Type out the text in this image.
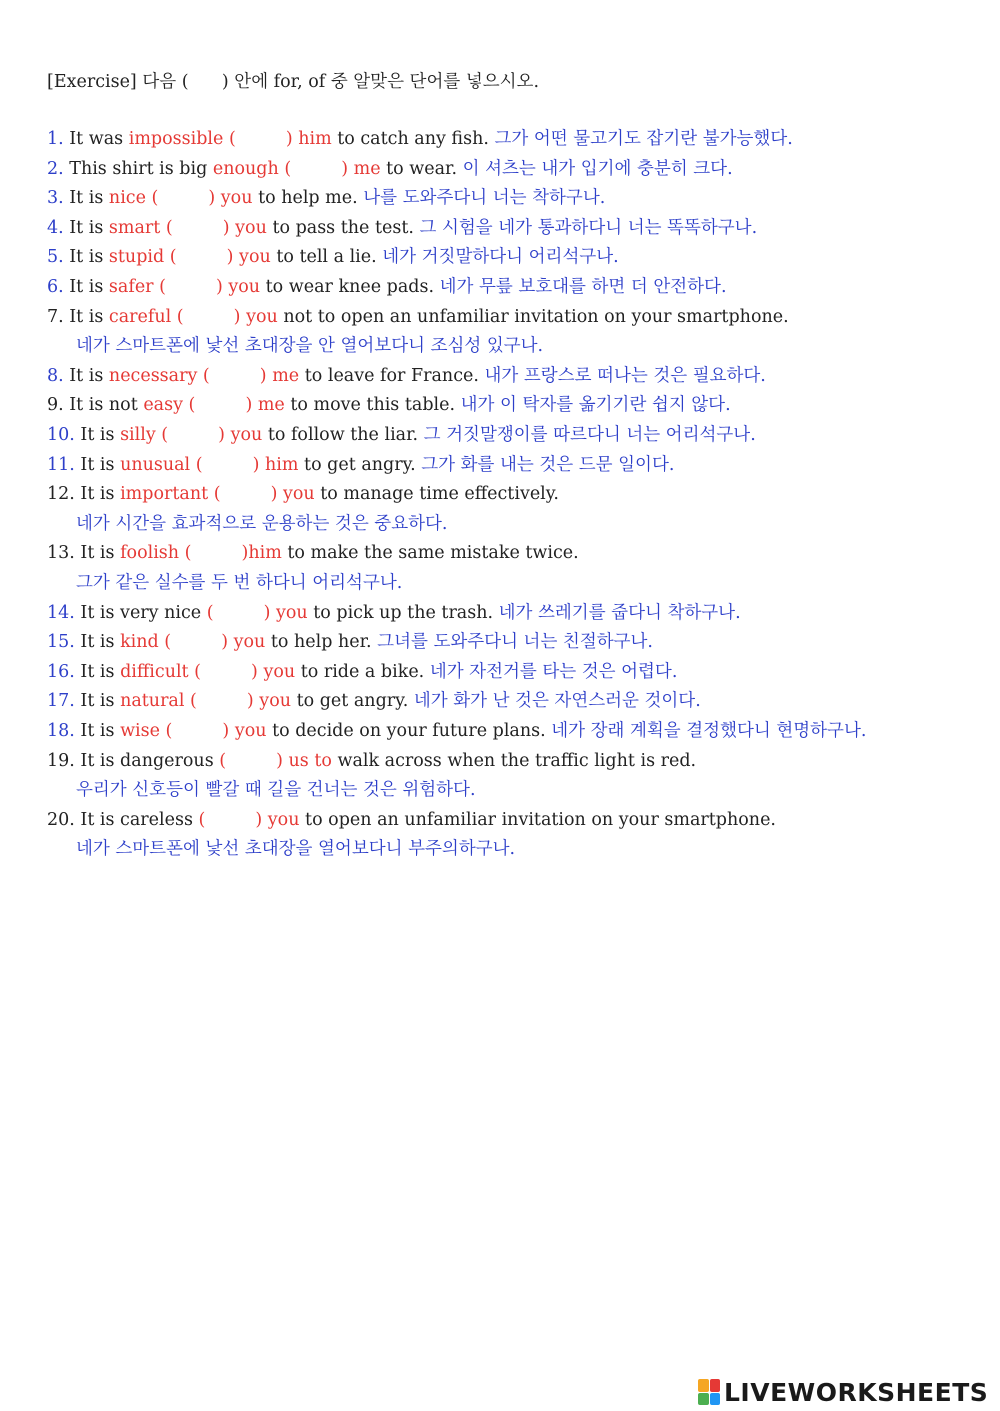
[Exercise] 다음 (      ) 안에 for, of 중 알맞은 단어를 넣으시오.
1. It was impossible (         ) him to catch any fish. 그가 어떤 물고기도 잡기란 불가능했다.
2. This shirt is big enough (         ) me to wear. 이 셔츠는 내가 입기에 충분히 크다.
3. It is nice (         ) you to help me. 나를 도와주다니 너는 착하구나.
4. It is smart (         ) you to pass the test. 그 시험을 네가 통과하다니 너는 똑똑하구나.
5. It is stupid (         ) you to tell a lie. 네가 거짓말하다니 어리석구나.
6. It is safer (         ) you to wear knee pads. 네가 무릎 보호대를 하면 더 안전하다.
7. It is careful (         ) you not to open an unfamiliar invitation on your smartphone.
네가 스마트폰에 낯선 초대장을 안 열어보다니 조심성 있구나.
8. It is necessary (         ) me to leave for France. 내가 프랑스로 떠나는 것은 필요하다.
9. It is not easy (         ) me to move this table. 내가 이 탁자를 옮기기란 쉽지 않다.
10. It is silly (         ) you to follow the liar. 그 거짓말쟁이를 따르다니 너는 어리석구나.
11. It is unusual (         ) him to get angry. 그가 화를 내는 것은 드문 일이다.
12. It is important (         ) you to manage time effectively.
네가 시간을 효과적으로 운용하는 것은 중요하다.
13. It is foolish (         )him to make the same mistake twice.
그가 같은 실수를 두 번 하다니 어리석구나.
14. It is very nice (         ) you to pick up the trash. 네가 쓰레기를 줍다니 착하구나.
15. It is kind (         ) you to help her. 그녀를 도와주다니 너는 친절하구나.
16. It is difficult (         ) you to ride a bike. 네가 자전거를 타는 것은 어렵다.
17. It is natural (         ) you to get angry. 네가 화가 난 것은 자연스러운 것이다.
18. It is wise (         ) you to decide on your future plans. 네가 장래 계획을 결정했다니 현명하구나.
19. It is dangerous (         ) us to walk across when the traffic light is red.
우리가 신호등이 빨갈 때 길을 건너는 것은 위험하다.
20. It is careless (         ) you to open an unfamiliar invitation on your smartphone.
네가 스마트폰에 낯선 초대장을 열어보다니 부주의하구나.
LIVEWORKSHEETS
